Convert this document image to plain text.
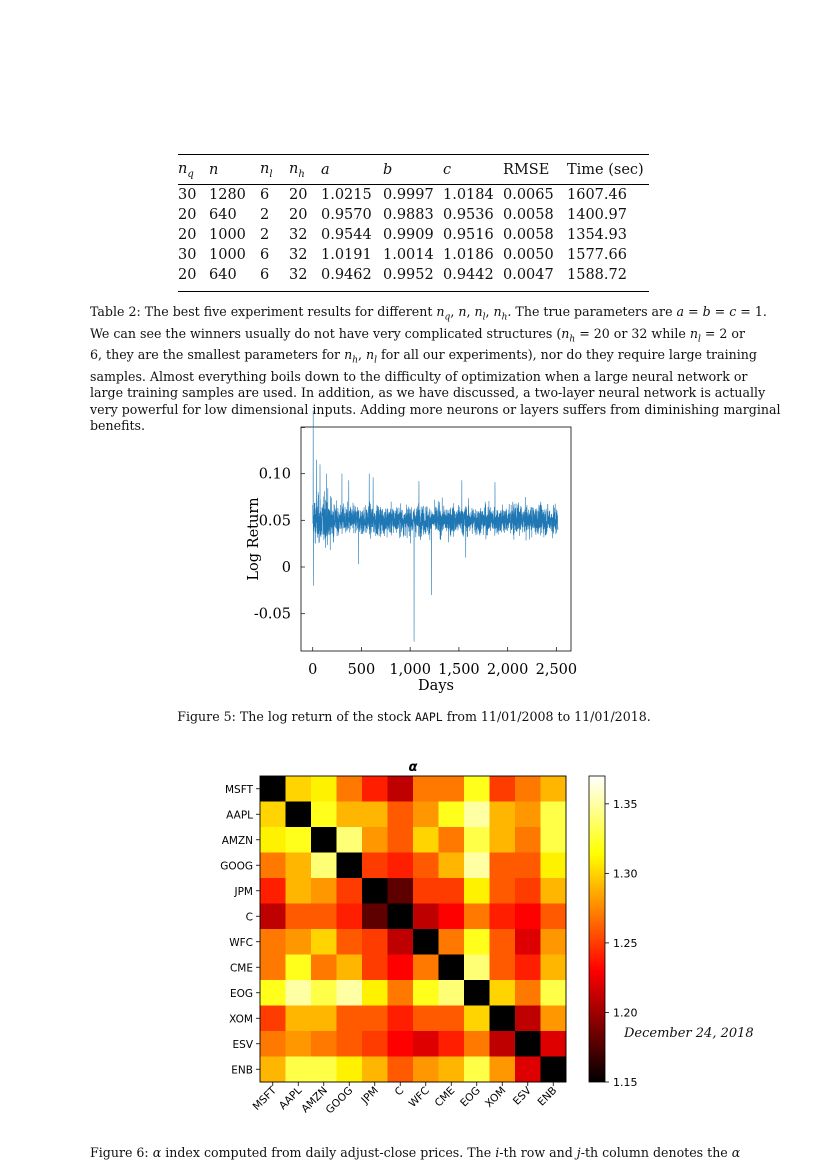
$n_q$	n	$n_l$	$n_h$	a	b	c	RMSE	Time (sec)
30	1280	6	20	1.0215	0.9997	1.0184	0.0065	1607.46
20	640	2	20	0.9570	0.9883	0.9536	0.0058	1400.97
20	1000	2	32	0.9544	0.9909	0.9516	0.0058	1354.93
30	1000	6	32	1.0191	1.0014	1.0186	0.0050	1577.66
20	640	6	32	0.9462	0.9952	0.9442	0.0047	1588.72
Table 2: The best five experiment results for different $n_q$, n, $n_l$, $n_h$. The true parameters are a = b = c = 1.
We can see the winners usually do not have very complicated structures ($n_h = 20$ or 32 while $n_l = 2$ or
6, they are the smallest parameters for $n_h$, $n_l$ for all our experiments), nor do they require large training
samples. Almost everything boils down to the difficulty of optimization when a large neural network or
large training samples are used. In addition, as we have discussed, a two-layer neural network is actually
very powerful for low dimensional inputs. Adding more neurons or layers suffers from diminishing marginal
benefits.
0 500 1,000 1,500 2,000 2,500
-0.05
0
0.05
0.10
Days
Log Return
Figure 5: The log return of the stock AAPL from 11/01/2008 to 11/01/2018.
α
MSFT
MSFT
AAPL
AAPL
AMZN
AMZN
GOOG
GOOG
JPM
JPM
C
C
WFC
WFC
CME
CME
EOG
EOG
XOM
XOM
ESV
ESV
ENB
ENB
1.15
1.20
1.25
1.30
1.35
December 24, 2018
Figure 6: α index computed from daily adjust-close prices. The i-th row and j-th column denotes the α
